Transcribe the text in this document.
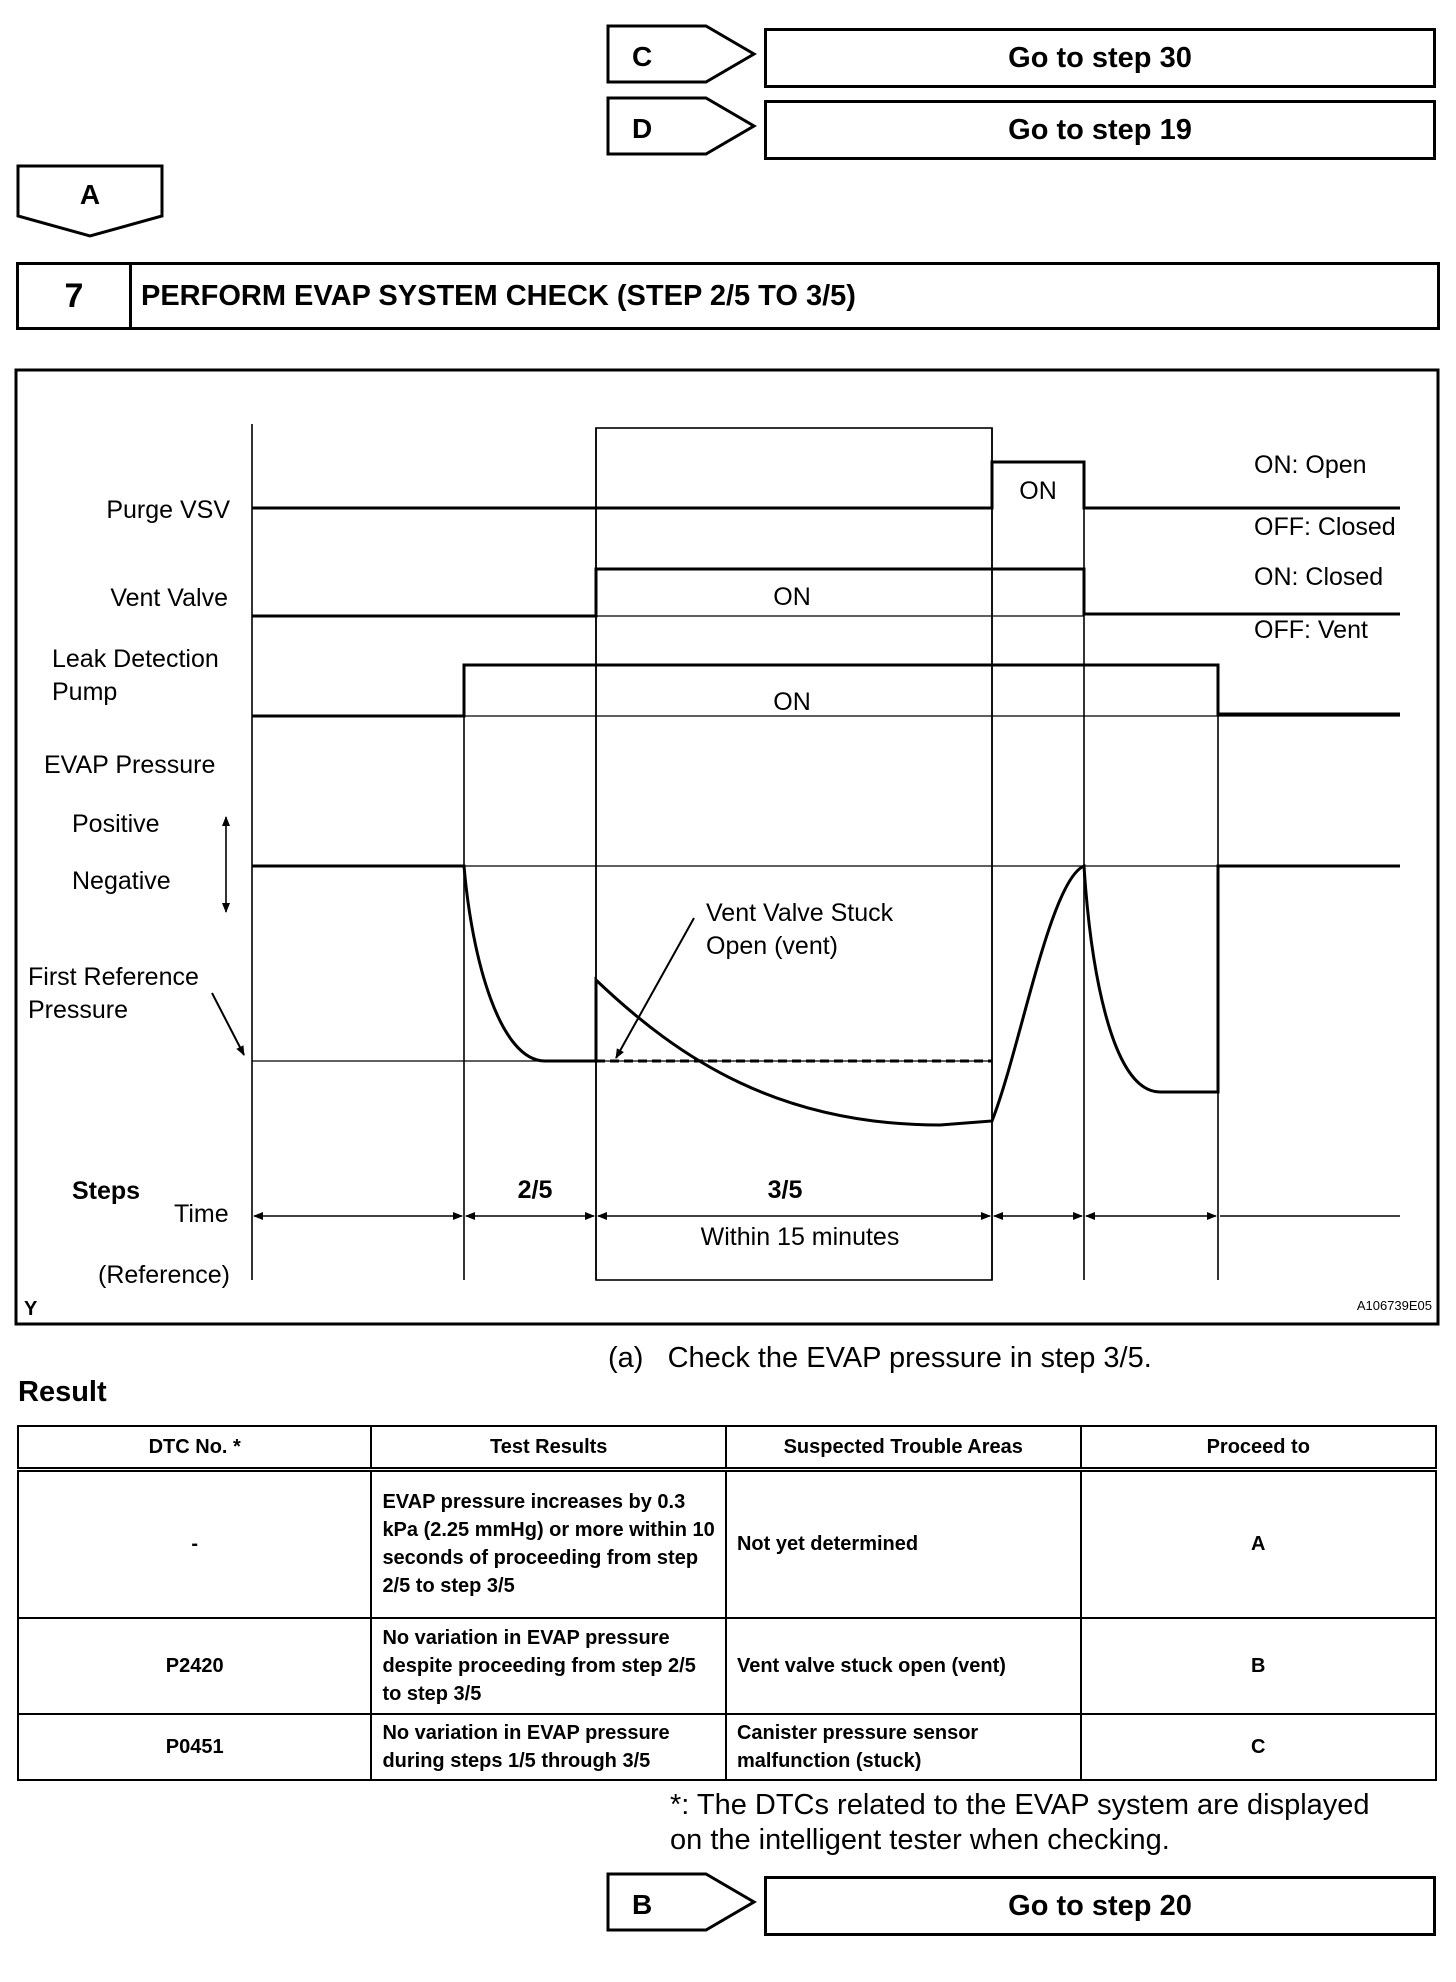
C	Go to step 30
D	Go to step 19
A
7	PERFORM EVAP SYSTEM CHECK (STEP 2/5 TO 3/5)
Purge VSV
Vent Valve
Leak Detection
Pump
EVAP Pressure
Positive
Negative
First Reference
Pressure
Steps
Time
(Reference)
Vent Valve Stuck
Open (vent)
ON
ON
ON
ON: Open
OFF: Closed
ON: Closed
OFF: Vent
2/5	3/5
Within 15 minutes
Y	A106739E05
(a)   Check the EVAP pressure in step 3/5.
Result
DTC No. *	Test Results	Suspected Trouble Areas	Proceed to
-	EVAP pressure increases by 0.3 kPa (2.25 mmHg) or more within 10 seconds of proceeding from step 2/5 to step 3/5	Not yet determined	A
P2420	No variation in EVAP pressure despite proceeding from step 2/5 to step 3/5	Vent valve stuck open (vent)	B
P0451	No variation in EVAP pressure during steps 1/5 through 3/5	Canister pressure sensor malfunction (stuck)	C
*: The DTCs related to the EVAP system are displayed
on the intelligent tester when checking.
B	Go to step 20
